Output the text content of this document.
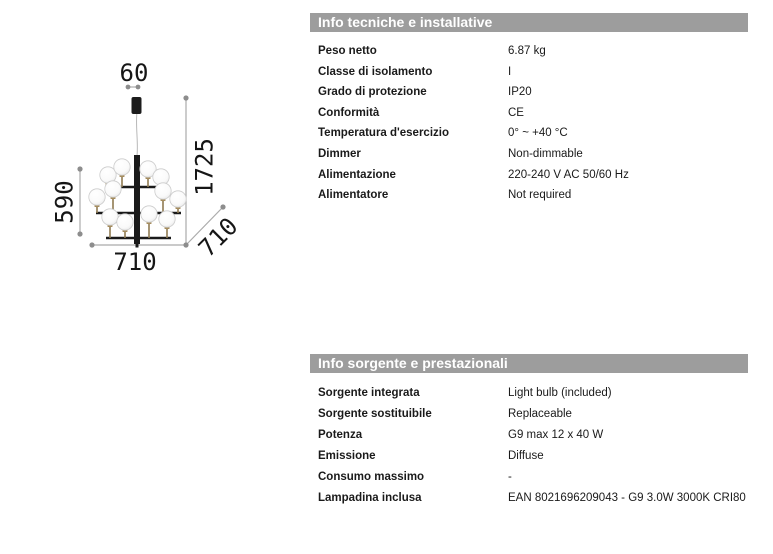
60
1725
590
710 710
Info tecniche e installative
Peso netto	6.87 kg
Classe di isolamento	I
Grado di protezione	IP20
Conformità	CE
Temperatura d'esercizio	0° ~ +40 °C
Dimmer	Non-dimmable
Alimentazione	220-240 V AC 50/60 Hz
Alimentatore	Not required
Info sorgente e prestazionali
Sorgente integrata	Light bulb (included)
Sorgente sostituibile	Replaceable
Potenza	G9 max 12 x 40 W
Emissione	Diffuse
Consumo massimo	-
Lampadina inclusa	EAN 8021696209043 - G9 3.0W 3000K CRI80
